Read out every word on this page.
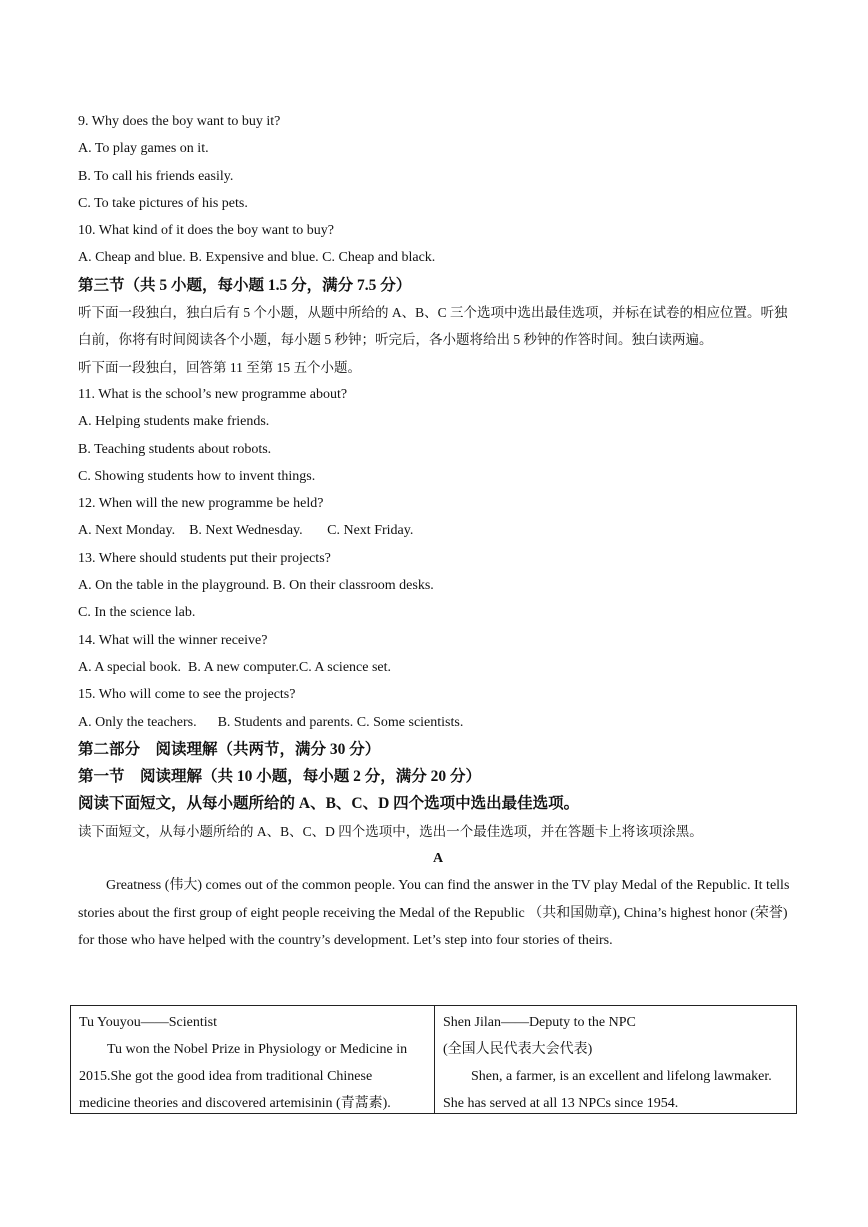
9. Why does the boy want to buy it?
A. To play games on it.
B. To call his friends easily.
C. To take pictures of his pets.
10. What kind of it does the boy want to buy?
A. Cheap and blue. B. Expensive and blue. C. Cheap and black.
第三节（共 5 小题，每小题 1.5 分，满分 7.5 分）
听下面一段独白，独白后有 5 个小题，从题中所给的 A、B、C 三个选项中选出最佳选项，并标在试卷的相应位置。听独白前，你将有时间阅读各个小题，每小题 5 秒钟；听完后，各小题将给出 5 秒钟的作答时间。独白读两遍。
听下面一段独白，回答第 11 至第 15 五个小题。
11. What is the school’s new programme about?
A. Helping students make friends.
B. Teaching students about robots.
C. Showing students how to invent things.
12. When will the new programme be held?
A. Next Monday.    B. Next Wednesday.       C. Next Friday.
13. Where should students put their projects?
A. On the table in the playground. B. On their classroom desks.
C. In the science lab.
14. What will the winner receive?
A. A special book.  B. A new computer.C. A science set.
15. Who will come to see the projects?
A. Only the teachers.      B. Students and parents. C. Some scientists.
第二部分    阅读理解（共两节，满分 30 分）
第一节    阅读理解（共 10 小题，每小题 2 分，满分 20 分）
阅读下面短文，从每小题所给的 A、B、C、D 四个选项中选出最佳选项。
读下面短文，从每小题所给的 A、B、C、D 四个选项中，选出一个最佳选项，并在答题卡上将该项涂黑。
A
Greatness (伟大) comes out of the common people. You can find the answer in the TV play Medal of the Republic. It tells stories about the first group of eight people receiving the Medal of the Republic （共和国勋章), China’s highest honor (荣誉) for those who have helped with the country’s development. Let’s step into four stories of theirs.

Tu Youyou——Scientist

Tu won the Nobel Prize in Physiology or Medicine in 2015.She got the good idea from traditional Chinese medicine theories and discovered artemisinin (青蒿素).

Shen Jilan——Deputy to the NPC

(全国人民代表大会代表)

Shen, a farmer, is an excellent and lifelong lawmaker. She has served at all 13 NPCs since 1954.
